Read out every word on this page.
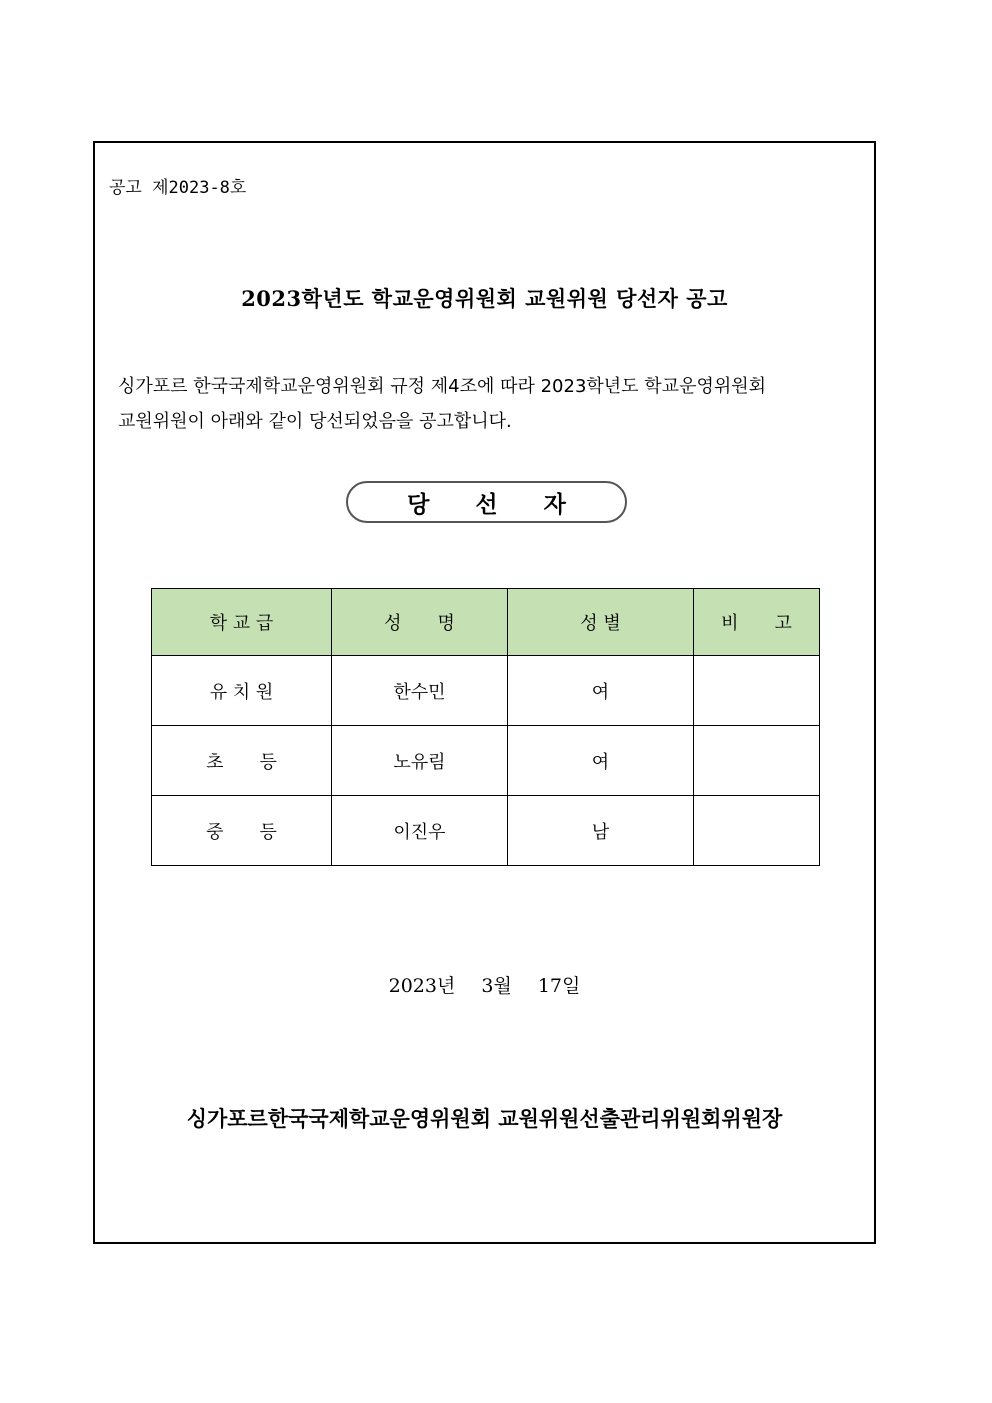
공고 제2023-8호
2023학년도 학교운영위원회 교원위원 당선자 공고

싱가포르 한국국제학교운영위원회 규정 제4조에 따라 2023학년도 학교운영위원회

교원위원이 아래와 같이 당선되었음을 공고합니다.

당 선 자
학 교 급	성　　명	성 별	비　　고
유 치 원	한수민	여	
초　　등	노유림	여	
중　　등	이진우	남	
2023년 3월 17일
싱가포르한국국제학교운영위원회 교원위원선출관리위원회위원장
